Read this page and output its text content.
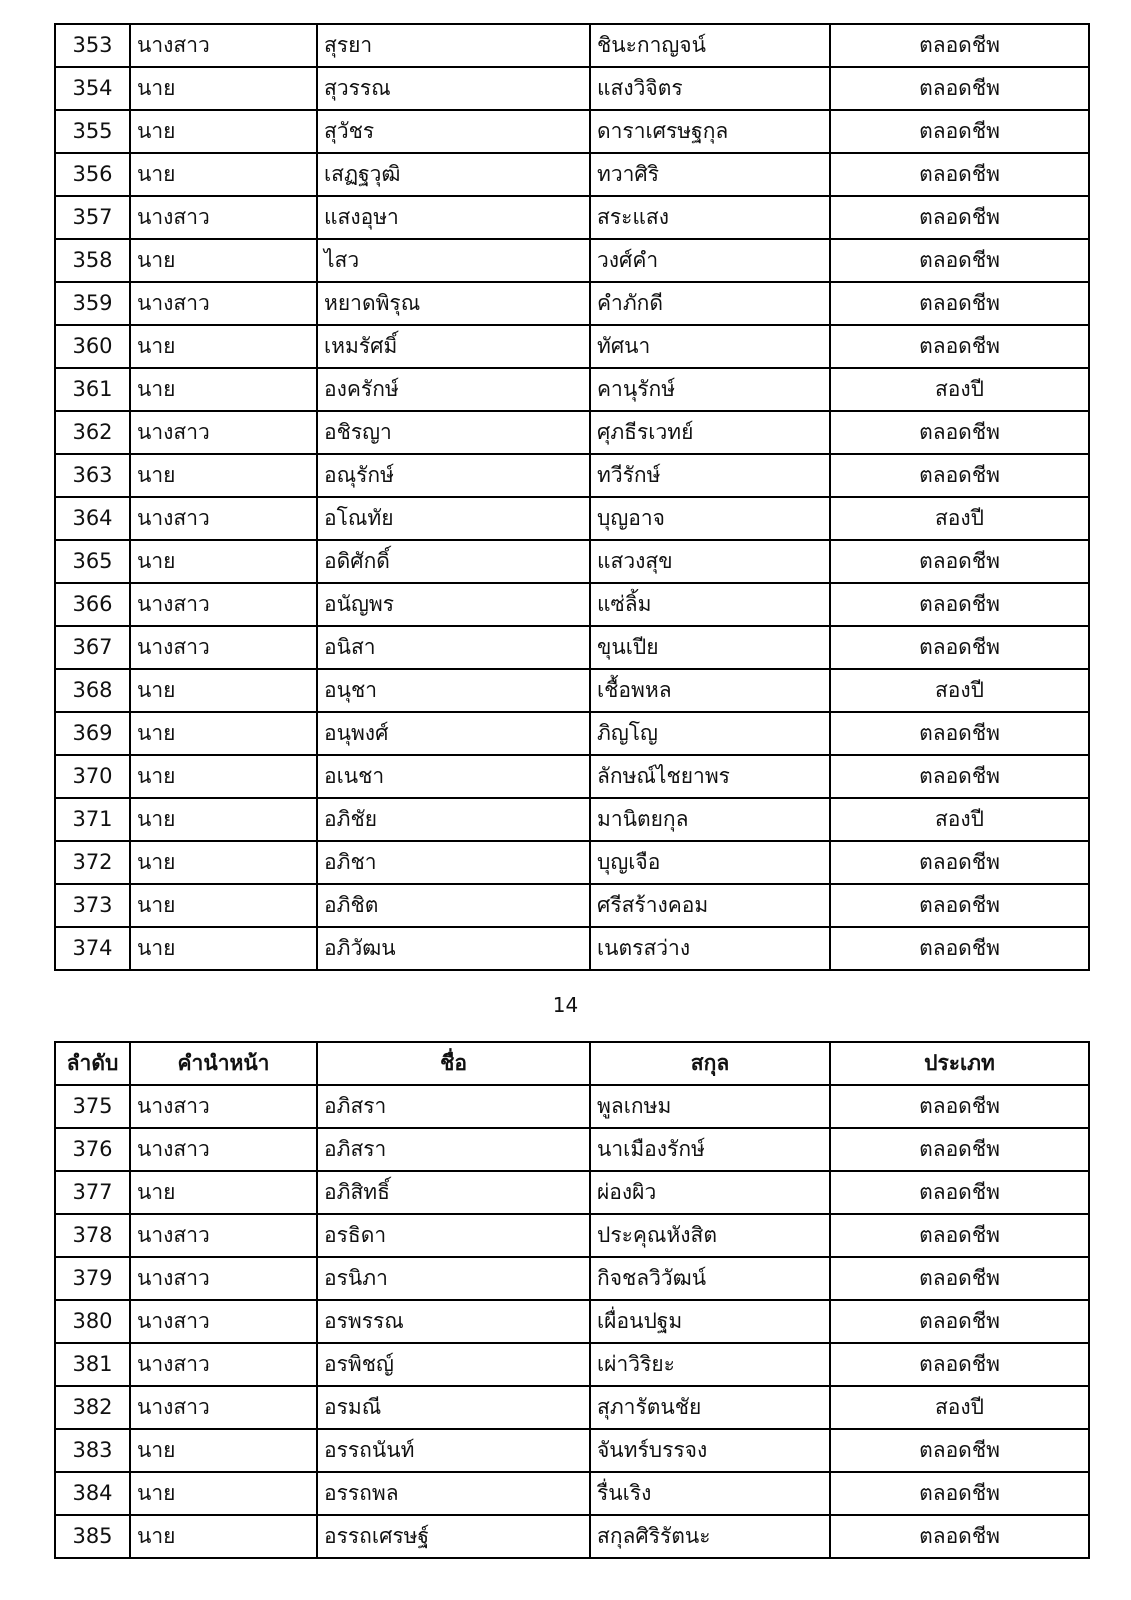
353	นางสาว	สุรยา	ชินะกาญจน์	ตลอดชีพ
354	นาย	สุวรรณ	แสงวิจิตร	ตลอดชีพ
355	นาย	สุวัชร	ดาราเศรษฐกุล	ตลอดชีพ
356	นาย	เสฏฐวุฒิ	ทวาศิริ	ตลอดชีพ
357	นางสาว	แสงอุษา	สระแสง	ตลอดชีพ
358	นาย	ไสว	วงศ์คำ	ตลอดชีพ
359	นางสาว	หยาดพิรุณ	คำภักดี	ตลอดชีพ
360	นาย	เหมรัศมิ์	ทัศนา	ตลอดชีพ
361	นาย	องครักษ์	คานุรักษ์	สองปี
362	นางสาว	อชิรญา	ศุภธีรเวทย์	ตลอดชีพ
363	นาย	อณุรักษ์	ทวีรักษ์	ตลอดชีพ
364	นางสาว	อโณทัย	บุญอาจ	สองปี
365	นาย	อดิศักดิ์	แสวงสุข	ตลอดชีพ
366	นางสาว	อนัญพร	แซ่ลิ้ม	ตลอดชีพ
367	นางสาว	อนิสา	ขุนเปีย	ตลอดชีพ
368	นาย	อนุชา	เชื้อพหล	สองปี
369	นาย	อนุพงศ์	ภิญโญ	ตลอดชีพ
370	นาย	อเนชา	ลักษณ์ไชยาพร	ตลอดชีพ
371	นาย	อภิชัย	มานิตยกุล	สองปี
372	นาย	อภิชา	บุญเจือ	ตลอดชีพ
373	นาย	อภิชิต	ศรีสร้างคอม	ตลอดชีพ
374	นาย	อภิวัฒน	เนตรสว่าง	ตลอดชีพ
14
ลำดับ	คำนำหน้า	ชื่อ	สกุล	ประเภท
375	นางสาว	อภิสรา	พูลเกษม	ตลอดชีพ
376	นางสาว	อภิสรา	นาเมืองรักษ์	ตลอดชีพ
377	นาย	อภิสิทธิ์	ผ่องผิว	ตลอดชีพ
378	นางสาว	อรธิดา	ประคุณหังสิต	ตลอดชีพ
379	นางสาว	อรนิภา	กิจชลวิวัฒน์	ตลอดชีพ
380	นางสาว	อรพรรณ	เผื่อนปฐม	ตลอดชีพ
381	นางสาว	อรพิชญ์	เผ่าวิริยะ	ตลอดชีพ
382	นางสาว	อรมณี	สุภารัตนชัย	สองปี
383	นาย	อรรถนันท์	จันทร์บรรจง	ตลอดชีพ
384	นาย	อรรถพล	รื่นเริง	ตลอดชีพ
385	นาย	อรรถเศรษฐ์	สกุลศิริรัตนะ	ตลอดชีพ
